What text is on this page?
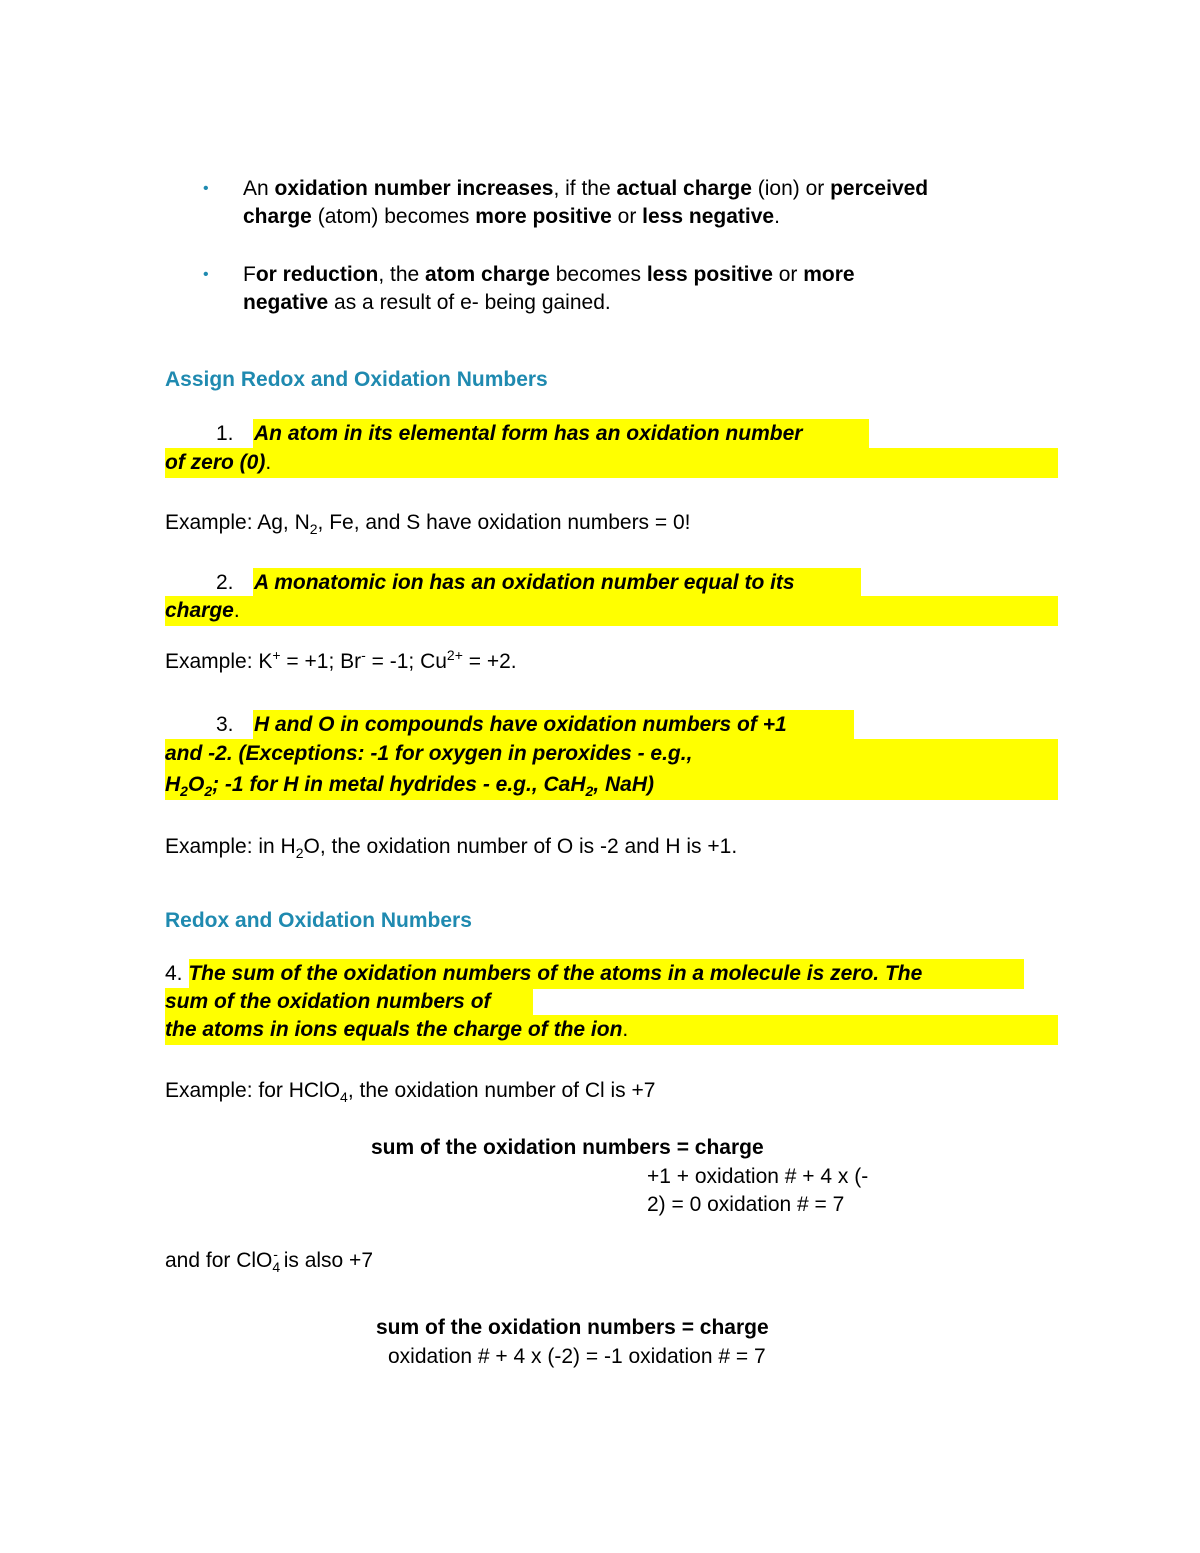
• An oxidation number increases, if the actual charge (ion) or perceived
charge (atom) becomes more positive or less negative.
• For reduction, the atom charge becomes less positive or more
negative as a result of e- being gained.
Assign Redox and Oxidation Numbers
1. An atom in its elemental form has an oxidation number
of zero (0).
Example: Ag, $N_2$, Fe, and S have oxidation numbers = 0!
2. A monatomic ion has an oxidation number equal to its
charge.
Example: K+ = +1; Br- = -1; $Cu^{2+} = +2$.
3. H and O in compounds have oxidation numbers of +1
and -2. (Exceptions: -1 for oxygen in peroxides - e.g.,
$H_2O_2$; -1 for H in metal hydrides - e.g., CaH$_2$, NaH)
Example: in $H_2O$, the oxidation number of O is -2 and H is +1.
Redox and Oxidation Numbers
4. The sum of the oxidation numbers of the atoms in a molecule is zero. The
sum of the oxidation numbers of
the atoms in ions equals the charge of the ion.
Example: for HClO$_4$, the oxidation number of Cl is +7
sum of the oxidation numbers = charge
+1 + oxidation # + 4 x (-
2) = 0 oxidation # = 7
and for ClO$_4$- is also +7
sum of the oxidation numbers = charge
oxidation # + 4 x (-2) = -1 oxidation # = 7
